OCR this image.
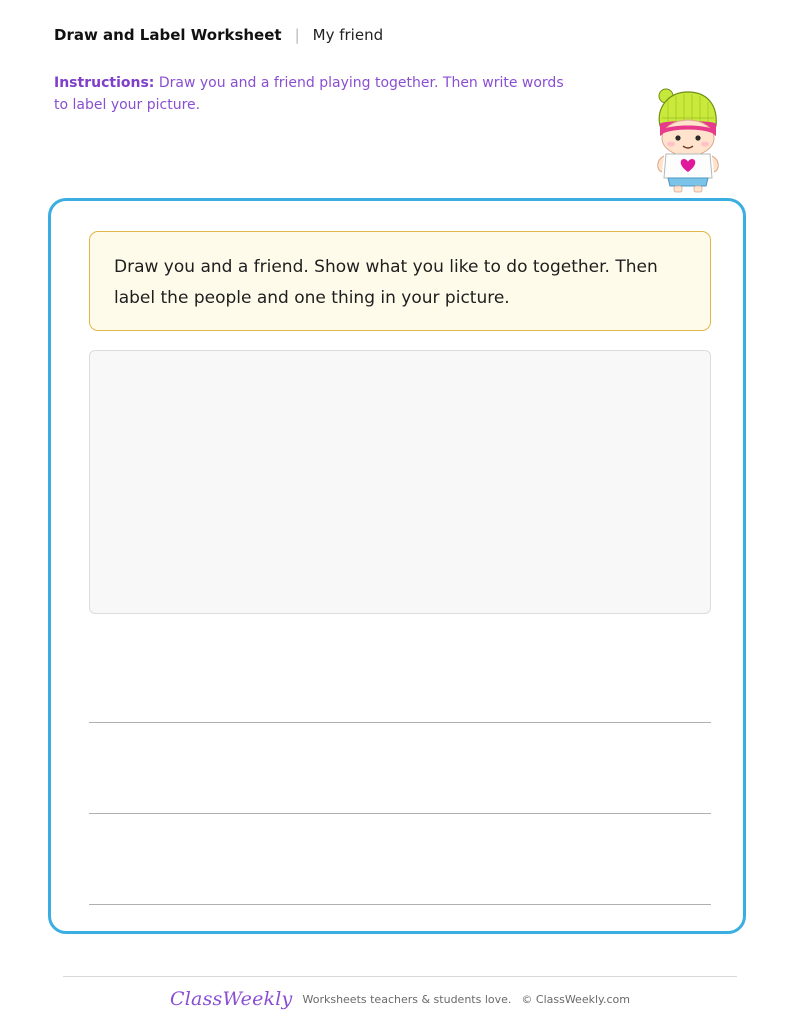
Draw and Label Worksheet | My friend
Instructions: Draw you and a friend playing together. Then write words to label your picture.
Draw you and a friend. Show what you like to do together. Then label the people and one thing in your picture.
ClassWeekly Worksheets teachers & students love. © ClassWeekly.com
